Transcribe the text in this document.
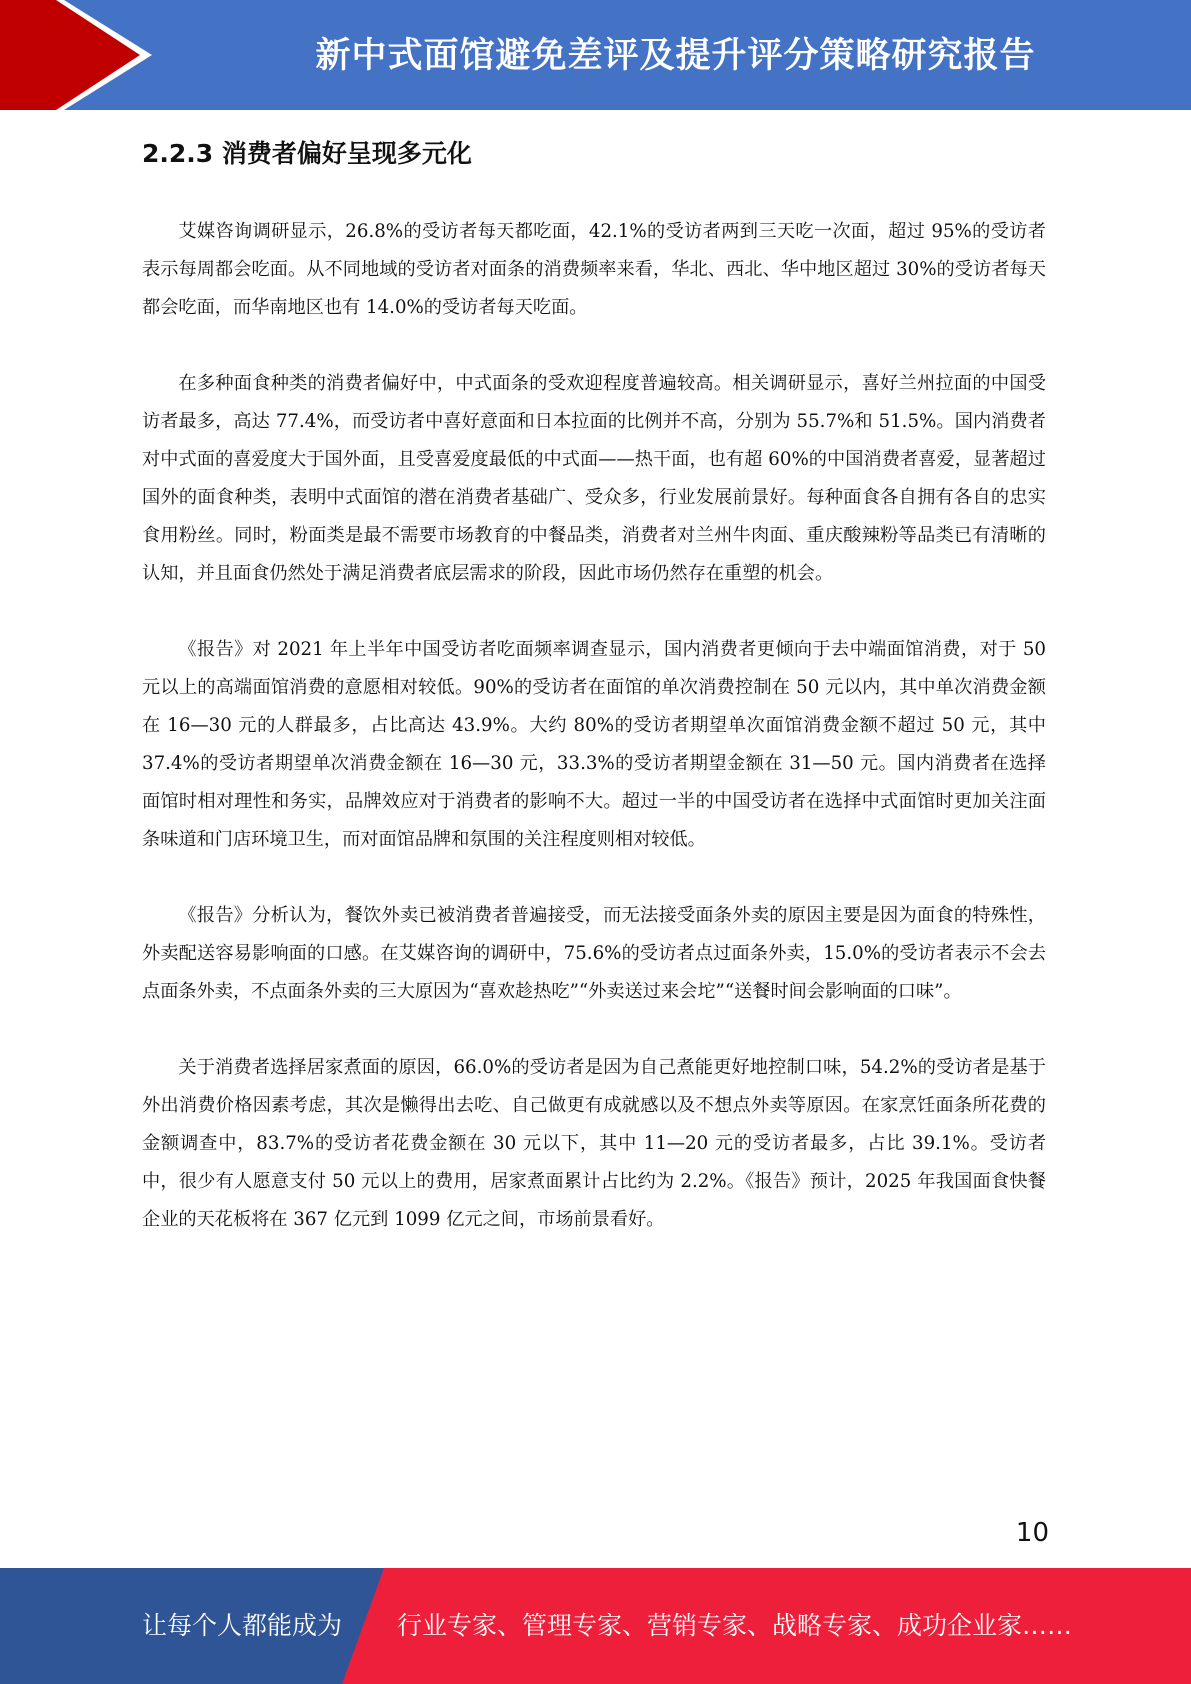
新中式面馆避免差评及提升评分策略研究报告
2.2.3 消费者偏好呈现多元化

艾媒咨询调研显示，26.8%的受访者每天都吃面，42.1%的受访者两到三天吃一次面，超过 95%的受访者表示每周都会吃面。从不同地域的受访者对面条的消费频率来看，华北、西北、华中地区超过 30%的受访者每天都会吃面，而华南地区也有 14.0%的受访者每天吃面。

在多种面食种类的消费者偏好中，中式面条的受欢迎程度普遍较高。相关调研显示，喜好兰州拉面的中国受访者最多，高达 77.4%，而受访者中喜好意面和日本拉面的比例并不高，分别为 55.7%和 51.5%。国内消费者对中式面的喜爱度大于国外面，且受喜爱度最低的中式面——热干面，也有超 60%的中国消费者喜爱，显著超过国外的面食种类，表明中式面馆的潜在消费者基础广、受众多，行业发展前景好。每种面食各自拥有各自的忠实食用粉丝。同时，粉面类是最不需要市场教育的中餐品类，消费者对兰州牛肉面、重庆酸辣粉等品类已有清晰的认知，并且面食仍然处于满足消费者底层需求的阶段，因此市场仍然存在重塑的机会。

《报告》对 2021 年上半年中国受访者吃面频率调查显示，国内消费者更倾向于去中端面馆消费，对于 50 元以上的高端面馆消费的意愿相对较低。90%的受访者在面馆的单次消费控制在 50 元以内，其中单次消费金额在 16—30 元的人群最多，占比高达 43.9%。大约 80%的受访者期望单次面馆消费金额不超过 50 元，其中 37.4%的受访者期望单次消费金额在 16—30 元，33.3%的受访者期望金额在 31—50 元。国内消费者在选择面馆时相对理性和务实，品牌效应对于消费者的影响不大。超过一半的中国受访者在选择中式面馆时更加关注面条味道和门店环境卫生，而对面馆品牌和氛围的关注程度则相对较低。

《报告》分析认为，餐饮外卖已被消费者普遍接受，而无法接受面条外卖的原因主要是因为面食的特殊性，外卖配送容易影响面的口感。在艾媒咨询的调研中，75.6%的受访者点过面条外卖，15.0%的受访者表示不会去点面条外卖，不点面条外卖的三大原因为“喜欢趁热吃”“外卖送过来会坨”“送餐时间会影响面的口味”。

关于消费者选择居家煮面的原因，66.0%的受访者是因为自己煮能更好地控制口味，54.2%的受访者是基于外出消费价格因素考虑，其次是懒得出去吃、自己做更有成就感以及不想点外卖等原因。在家烹饪面条所花费的金额调查中，83.7%的受访者花费金额在 30 元以下，其中 11—20 元的受访者最多，占比 39.1%。受访者中，很少有人愿意支付 50 元以上的费用，居家煮面累计占比约为 2.2%。《报告》预计，2025 年我国面食快餐企业的天花板将在 367 亿元到 1099 亿元之间，市场前景看好。

10
让每个人都能成为 行业专家、管理专家、营销专家、战略专家、成功企业家……
